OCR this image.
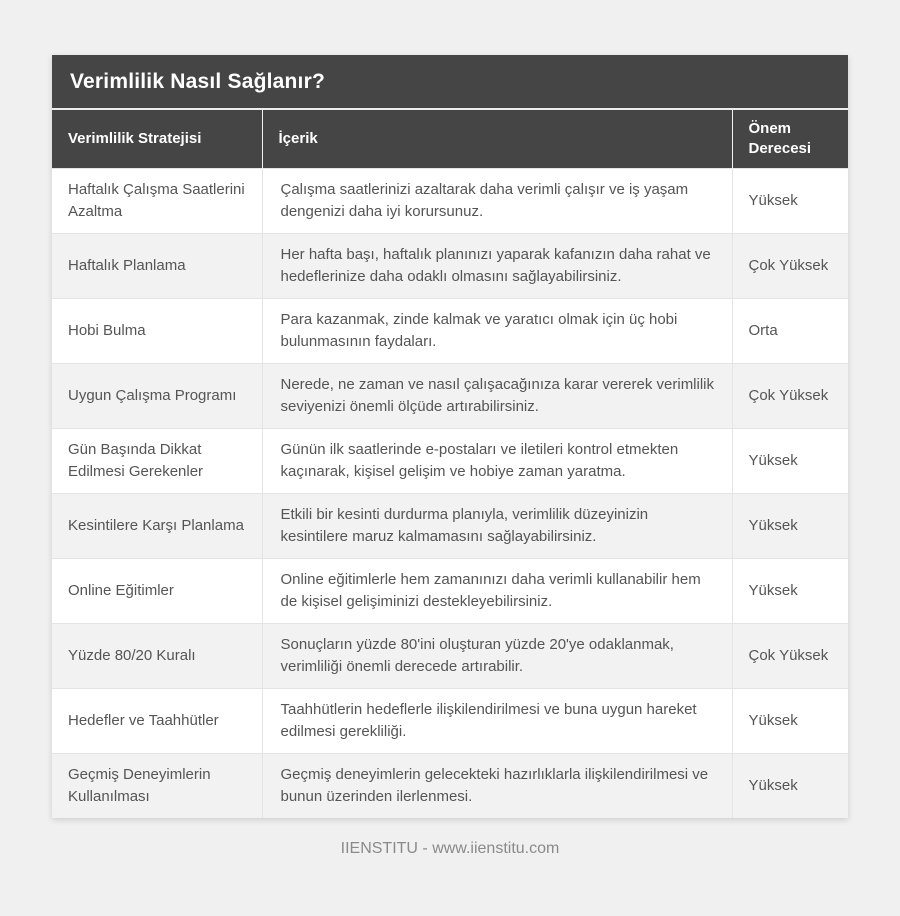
Verimlilik Nasıl Sağlanır?
Verimlilik Stratejisi	İçerik	Önem Derecesi
Haftalık Çalışma Saatlerini Azaltma	Çalışma saatlerinizi azaltarak daha verimli çalışır ve iş yaşam dengenizi daha iyi korursunuz.	Yüksek
Haftalık Planlama	Her hafta başı, haftalık planınızı yaparak kafanızın daha rahat ve hedeflerinize daha odaklı olmasını sağlayabilirsiniz.	Çok Yüksek
Hobi Bulma	Para kazanmak, zinde kalmak ve yaratıcı olmak için üç hobi bulunmasının faydaları.	Orta
Uygun Çalışma Programı	Nerede, ne zaman ve nasıl çalışacağınıza karar vererek verimlilik seviyenizi önemli ölçüde artırabilirsiniz.	Çok Yüksek
Gün Başında Dikkat Edilmesi Gerekenler	Günün ilk saatlerinde e-postaları ve iletileri kontrol etmekten kaçınarak, kişisel gelişim ve hobiye zaman yaratma.	Yüksek
Kesintilere Karşı Planlama	Etkili bir kesinti durdurma planıyla, verimlilik düzeyinizin kesintilere maruz kalmamasını sağlayabilirsiniz.	Yüksek
Online Eğitimler	Online eğitimlerle hem zamanınızı daha verimli kullanabilir hem de kişisel gelişiminizi destekleyebilirsiniz.	Yüksek
Yüzde 80/20 Kuralı	Sonuçların yüzde 80'ini oluşturan yüzde 20'ye odaklanmak, verimliliği önemli derecede artırabilir.	Çok Yüksek
Hedefler ve Taahhütler	Taahhütlerin hedeflerle ilişkilendirilmesi ve buna uygun hareket edilmesi gerekliliği.	Yüksek
Geçmiş Deneyimlerin Kullanılması	Geçmiş deneyimlerin gelecekteki hazırlıklarla ilişkilendirilmesi ve bunun üzerinden ilerlenmesi.	Yüksek
IIENSTITU - www.iienstitu.com
